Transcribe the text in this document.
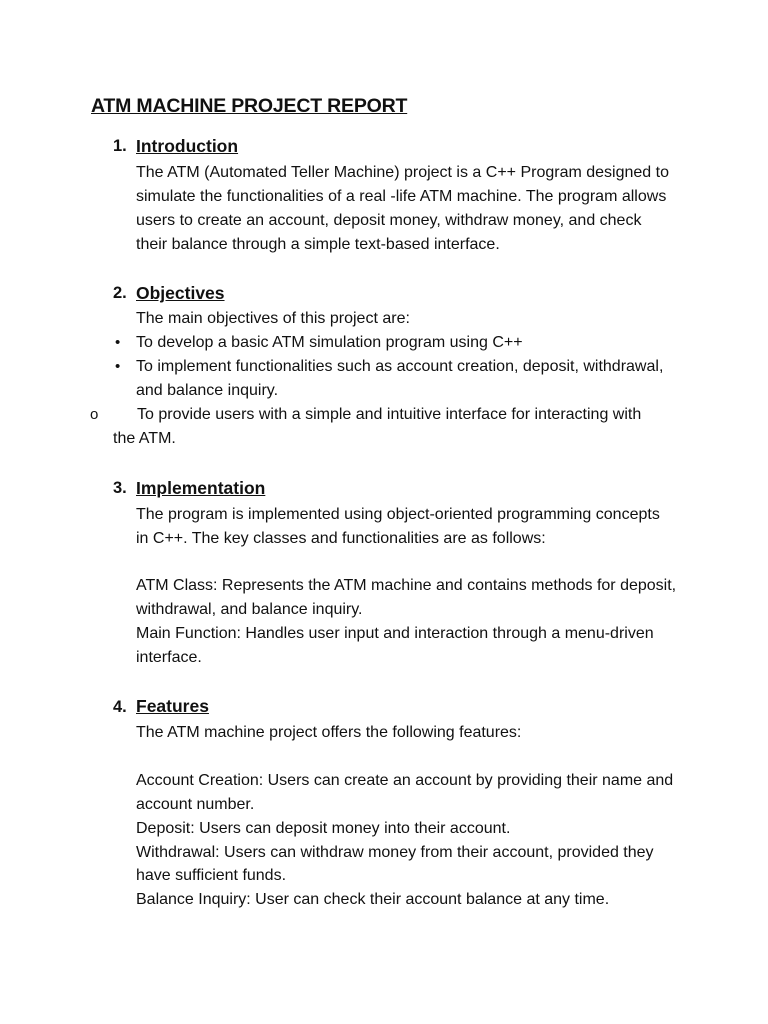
ATM MACHINE PROJECT REPORT
1. Introduction
The ATM (Automated Teller Machine) project is a C++ Program designed to
simulate the functionalities of a real -life ATM machine. The program allows
users to create an account, deposit money, withdraw money, and check
their balance through a simple text-based interface.
2. Objectives
The main objectives of this project are:
• To develop a basic ATM simulation program using C++
• To implement functionalities such as account creation, deposit, withdrawal,
and balance inquiry.
o To provide users with a simple and intuitive interface for interacting with
the ATM.
3. Implementation
The program is implemented using object-oriented programming concepts
in C++. The key classes and functionalities are as follows:
ATM Class: Represents the ATM machine and contains methods for deposit,
withdrawal, and balance inquiry.
Main Function: Handles user input and interaction through a menu-driven
interface.
4. Features
The ATM machine project offers the following features:
Account Creation: Users can create an account by providing their name and
account number.
Deposit: Users can deposit money into their account.
Withdrawal: Users can withdraw money from their account, provided they
have sufficient funds.
Balance Inquiry: User can check their account balance at any time.
